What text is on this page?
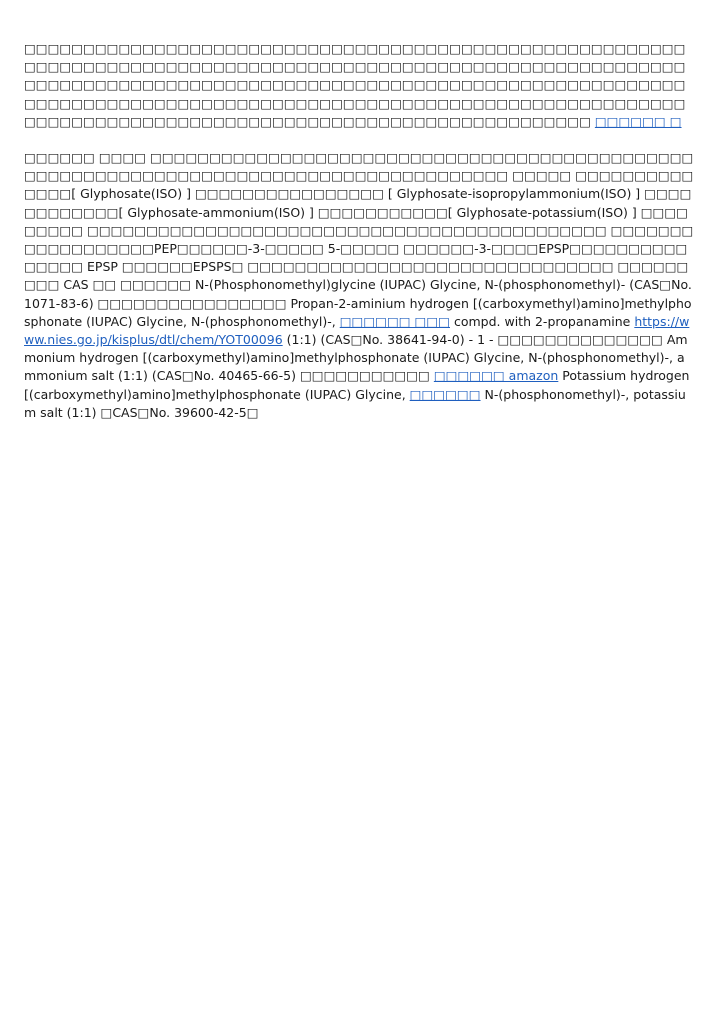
□□□□□□□□□□□□□□□□□□□□□□□□□□□□□□□□□□□□□□□□□□□□□□□□□□□□□□□□□□□□□□□□□□□□□□□□□□□□□□□□□□□□□□□□□□□□□□□□□□□□□□□□□□□□□□□□□□□□□□□□□□□□□□□□□□□□□□□□□□□□□□□□□□□□□□□□□□□□□□□□□□□□□□□□□□□□□□□□□□□□□□□□□□□□□□□□□□□□□□□□□□□□□□□□□□□□□□□□□□□□□□□□□□□□□□□□□□□□□□□□□□□□□□□□□□□□□□□□□□□□□□□□□□□□□□□□ □□□□□□ □

□□□□□□ □□□□ □□□□□□□□□□□□□□□□□□□□□□□□□□□□□□□□□□□□□□□□□□□□□□□□□□□□□□□□□□□□□□□□□□□□□□□□□□□□□□□□□□□□□□□ □□□□□ □□□□□□□□□□□□□□[ Glyphosate(ISO) ] □□□□□□□□□□□□□□□□ [ Glyphosate-isopropylammonium(ISO) ] □□□□□□□□□□□□[ Glyphosate-ammonium(ISO) ] □□□□□□□□□□□[ Glyphosate-potassium(ISO) ] □□□□ □□□□□ □□□□□□□□□□□□□□□□□□□□□□□□□□□□□□□□□□□□□□□□□□□□ □□□□□□□□□□□□□□□□□□PEP□□□□□□-3-□□□□□ 5-□□□□□ □□□□□□-3-□□□□EPSP□□□□□□□□□□□□□□□ EPSP □□□□□□EPSPS□ □□□□□□□□□□□□□□□□□□□□□□□□□□□□□□□ □□□□□□□□□ CAS □□ □□□□□□ N-(Phosphonomethyl)glycine (IUPAC) Glycine, N-(phosphonomethyl)- (CAS□No. 1071-83-6) □□□□□□□□□□□□□□□□ Propan-2-aminium hydrogen [(carboxymethyl)amino]methylphosphonate (IUPAC) Glycine, N-(phosphonomethyl)-, □□□□□□ □□□ compd. with 2-propanamine https://www.nies.go.jp/kisplus/dtl/chem/YOT00096 (1:1) (CAS□No. 38641-94-0) - 1 - □□□□□□□□□□□□□□ Ammonium hydrogen [(carboxymethyl)amino]methylphosphonate (IUPAC) Glycine, N-(phosphonomethyl)-, ammonium salt (1:1) (CAS□No. 40465-66-5) □□□□□□□□□□□ □□□□□□ amazon Potassium hydrogen [(carboxymethyl)amino]methylphosphonate (IUPAC) Glycine, □□□□□□ N-(phosphonomethyl)-, potassium salt (1:1) □CAS□No. 39600-42-5□
